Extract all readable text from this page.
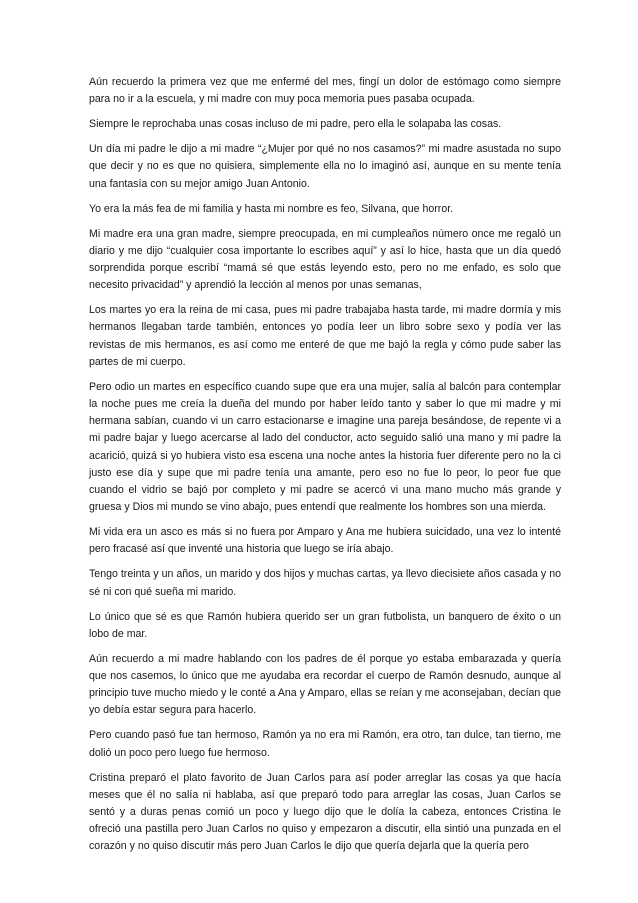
Aún recuerdo la primera vez que me enfermé del mes, fingí un dolor de estómago como siempre para no ir a la escuela, y mi madre con muy poca memoria pues pasaba ocupada.

Siempre le reprochaba unas cosas incluso de mi padre, pero ella le solapaba las cosas.

Un día mi padre le dijo a mi madre “¿Mujer por qué no nos casamos?” mi madre asustada no supo que decir y no es que no quisiera, simplemente ella no lo imaginó así, aunque en su mente tenía una fantasía con su mejor amigo Juan Antonio.

Yo era la más fea de mi familia y hasta mi nombre es feo, Silvana, que horror.

Mi madre era una gran madre, siempre preocupada, en mi cumpleaños número once me regaló un diario y me dijo “cualquier cosa importante lo escribes aquí” y así lo hice, hasta que un día quedó sorprendida porque escribí “mamá sé que estás leyendo esto, pero no me enfado, es solo que necesito privacidad” y aprendió la lección al menos por unas semanas,

Los martes yo era la reina de mi casa, pues mi padre trabajaba hasta tarde, mi madre dormía y mis hermanos llegaban tarde también, entonces yo podía leer un libro sobre sexo y podía ver las revistas de mis hermanos, es así como me enteré de que me bajó la regla y cómo pude saber las partes de mi cuerpo.

Pero odio un martes en específico cuando supe que era una mujer, salía al balcón para contemplar la noche pues me creía la dueña del mundo por haber leído tanto y saber lo que mi madre y mi hermana sabían, cuando vi un carro estacionarse e imagine una pareja besándose, de repente vi a mi padre bajar y luego acercarse al lado del conductor, acto seguido salió una mano y mi padre la acarició, quizá si yo hubiera visto esa escena una noche antes la historia fuer diferente pero no la ci justo ese día y supe que mi padre tenía una amante, pero eso no fue lo peor, lo peor fue que cuando el vidrio se bajó por completo y mi padre se acercó vi una mano mucho más grande y gruesa y Dios mi mundo se vino abajo, pues entendí que realmente los hombres son una mierda.

Mi vida era un asco es más si no fuera por Amparo y Ana me hubiera suicidado, una vez lo intenté pero fracasé así que inventé una historia que luego se iría abajo.

Tengo treinta y un años, un marido y dos hijos y muchas cartas, ya llevo diecisiete años casada y no sé ni con qué sueña mi marido.

Lo único que sé es que Ramón hubiera querido ser un gran futbolista, un banquero de éxito o un lobo de mar.

Aún recuerdo a mi madre hablando con los padres de él porque yo estaba embarazada y quería que nos casemos, lo único que me ayudaba era recordar el cuerpo de Ramón desnudo, aunque al principio tuve mucho miedo y le conté a Ana y Amparo, ellas se reían y me aconsejaban, decían que yo debía estar segura para hacerlo.

Pero cuando pasó fue tan hermoso, Ramón ya no era mi Ramón, era otro, tan dulce, tan tierno, me dolió un poco pero luego fue hermoso.

Cristina preparó el plato favorito de Juan Carlos para así poder arreglar las cosas ya que hacía meses que él no salía ni hablaba, así que preparó todo para arreglar las cosas, Juan Carlos se sentó y a duras penas comió un poco y luego dijo que le dolía la cabeza, entonces Cristina le ofreció una pastilla pero Juan Carlos no quiso y empezaron a discutir, ella sintió una punzada en el corazón y no quiso discutir más pero Juan Carlos le dijo que quería dejarla que la quería pero
